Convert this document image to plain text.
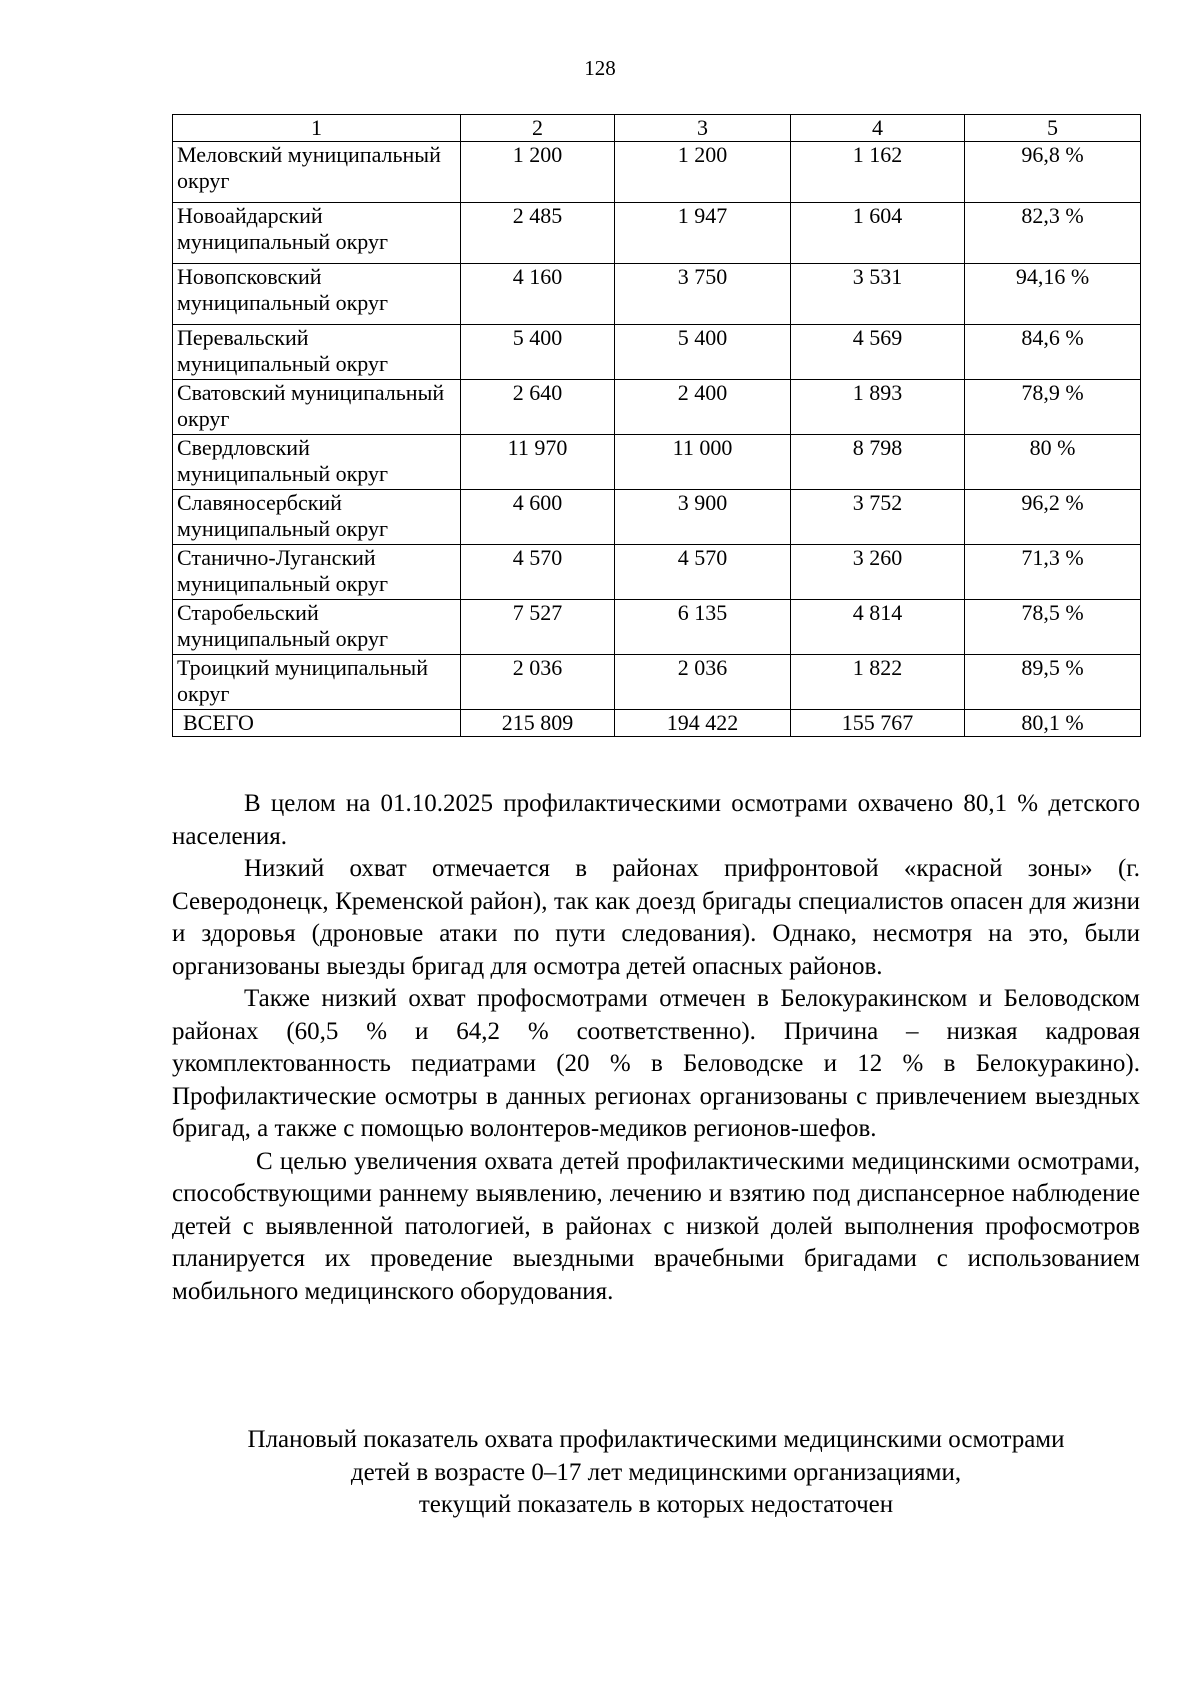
128
1	2	3	4	5
Меловский муниципальный округ	1 200	1 200	1 162	96,8 %
Новоайдарский муниципальный округ	2 485	1 947	1 604	82,3 %
Новопсковский муниципальный округ	4 160	3 750	3 531	94,16 %
Перевальский муниципальный округ	5 400	5 400	4 569	84,6 %
Сватовский муниципальный округ	2 640	2 400	1 893	78,9 %
Свердловский муниципальный округ	11 970	11 000	8 798	80 %
Славяносербский муниципальный округ	4 600	3 900	3 752	96,2 %
Станично-Луганский муниципальный округ	4 570	4 570	3 260	71,3 %
Старобельский муниципальный округ	7 527	6 135	4 814	78,5 %
Троицкий муниципальный округ	2 036	2 036	1 822	89,5 %
ВСЕГО	215 809	194 422	155 767	80,1 %

В целом на 01.10.2025 профилактическими осмотрами охвачено 80,1 % детского населения.

Низкий охват отмечается в районах прифронтовой «красной зоны» (г. Северодонецк, Кременской район), так как доезд бригады специалистов опасен для жизни и здоровья (дроновые атаки по пути следования). Однако, несмотря на это, были организованы выезды бригад для осмотра детей опасных районов.

Также низкий охват профосмотрами отмечен в Белокуракинском и Беловодском районах (60,5 % и 64,2 % соответственно). Причина – низкая кадровая укомплектованность педиатрами (20 % в Беловодске и 12 % в Белокуракино). Профилактические осмотры в данных регионах организованы с привлечением выездных бригад, а также с помощью волонтеров-медиков регионов-шефов.

С целью увеличения охвата детей профилактическими медицинскими осмотрами, способствующими раннему выявлению, лечению и взятию под диспансерное наблюдение детей с выявленной патологией, в районах с низкой долей выполнения профосмотров планируется их проведение выездными врачебными бригадами с использованием мобильного медицинского оборудования.

Плановый показатель охвата профилактическими медицинскими осмотрами
детей в возрасте 0–17 лет медицинскими организациями,
текущий показатель в которых недостаточен
